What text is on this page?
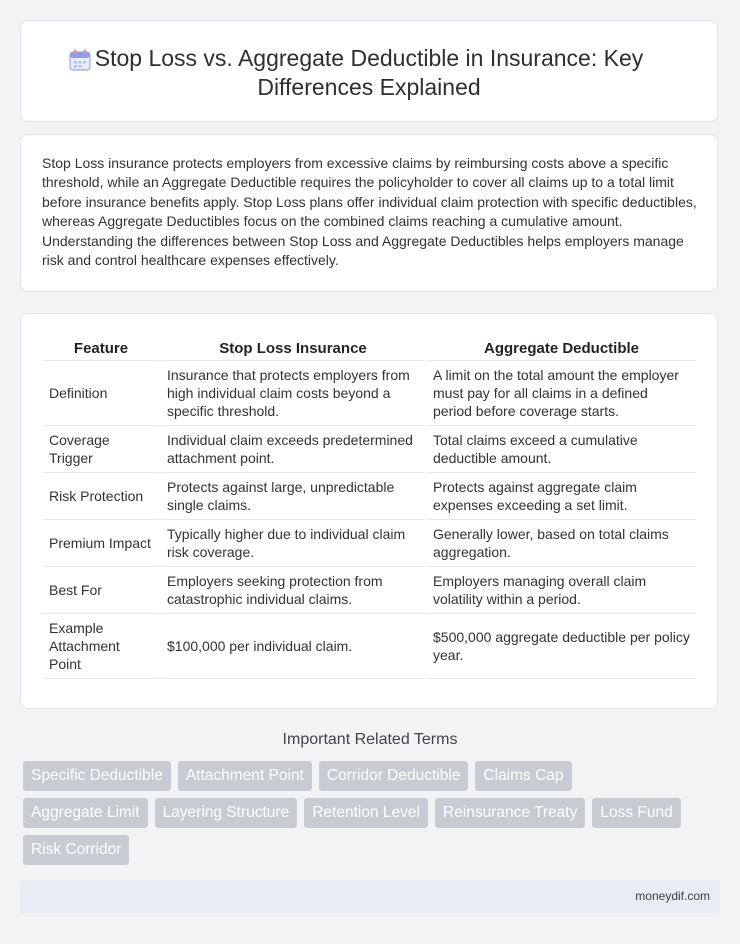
Stop Loss vs. Aggregate Deductible in Insurance: Key Differences Explained

Stop Loss insurance protects employers from excessive claims by reimbursing costs above a specific threshold, while an Aggregate Deductible requires the policyholder to cover all claims up to a total limit before insurance benefits apply. Stop Loss plans offer individual claim protection with specific deductibles, whereas Aggregate Deductibles focus on the combined claims reaching a cumulative amount. Understanding the differences between Stop Loss and Aggregate Deductibles helps employers manage risk and control healthcare expenses effectively.

Feature	Stop Loss Insurance	Aggregate Deductible
Definition	Insurance that protects employers from high individual claim costs beyond a specific threshold.	A limit on the total amount the employer must pay for all claims in a defined period before coverage starts.
Coverage Trigger	Individual claim exceeds predetermined attachment point.	Total claims exceed a cumulative deductible amount.
Risk Protection	Protects against large, unpredictable single claims.	Protects against aggregate claim expenses exceeding a set limit.
Premium Impact	Typically higher due to individual claim risk coverage.	Generally lower, based on total claims aggregation.
Best For	Employers seeking protection from catastrophic individual claims.	Employers managing overall claim volatility within a period.
Example Attachment Point	$100,000 per individual claim.	$500,000 aggregate deductible per policy year.
Important Related Terms
Specific Deductible	Attachment Point	Corridor Deductible	Claims Cap
Aggregate Limit	Layering Structure	Retention Level	Reinsurance Treaty	Loss Fund
Risk Corridor
moneydif.com
